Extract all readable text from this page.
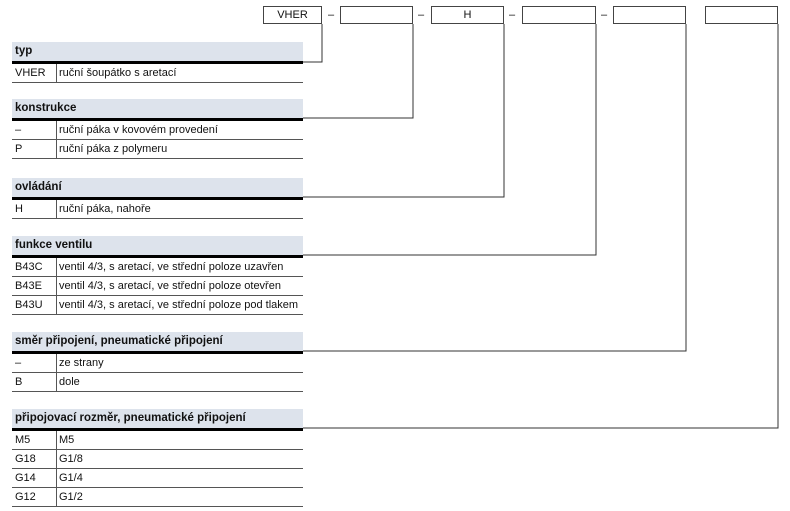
VHER	–	–	H	–	–
typ
VHER ruční šoupátko s aretací
konstrukce
–	ruční páka v kovovém provedení
P	ruční páka z polymeru
ovládání
H	ruční páka, nahoře
funkce ventilu
B43C ventil 4/3, s aretací, ve střední poloze uzavřen
B43E ventil 4/3, s aretací, ve střední poloze otevřen
B43U ventil 4/3, s aretací, ve střední poloze pod tlakem
směr připojení, pneumatické připojení
–	ze strany
B	dole
připojovací rozměr, pneumatické připojení
M5	M5
G18 G1/8
G14 G1/4
G12 G1/2
